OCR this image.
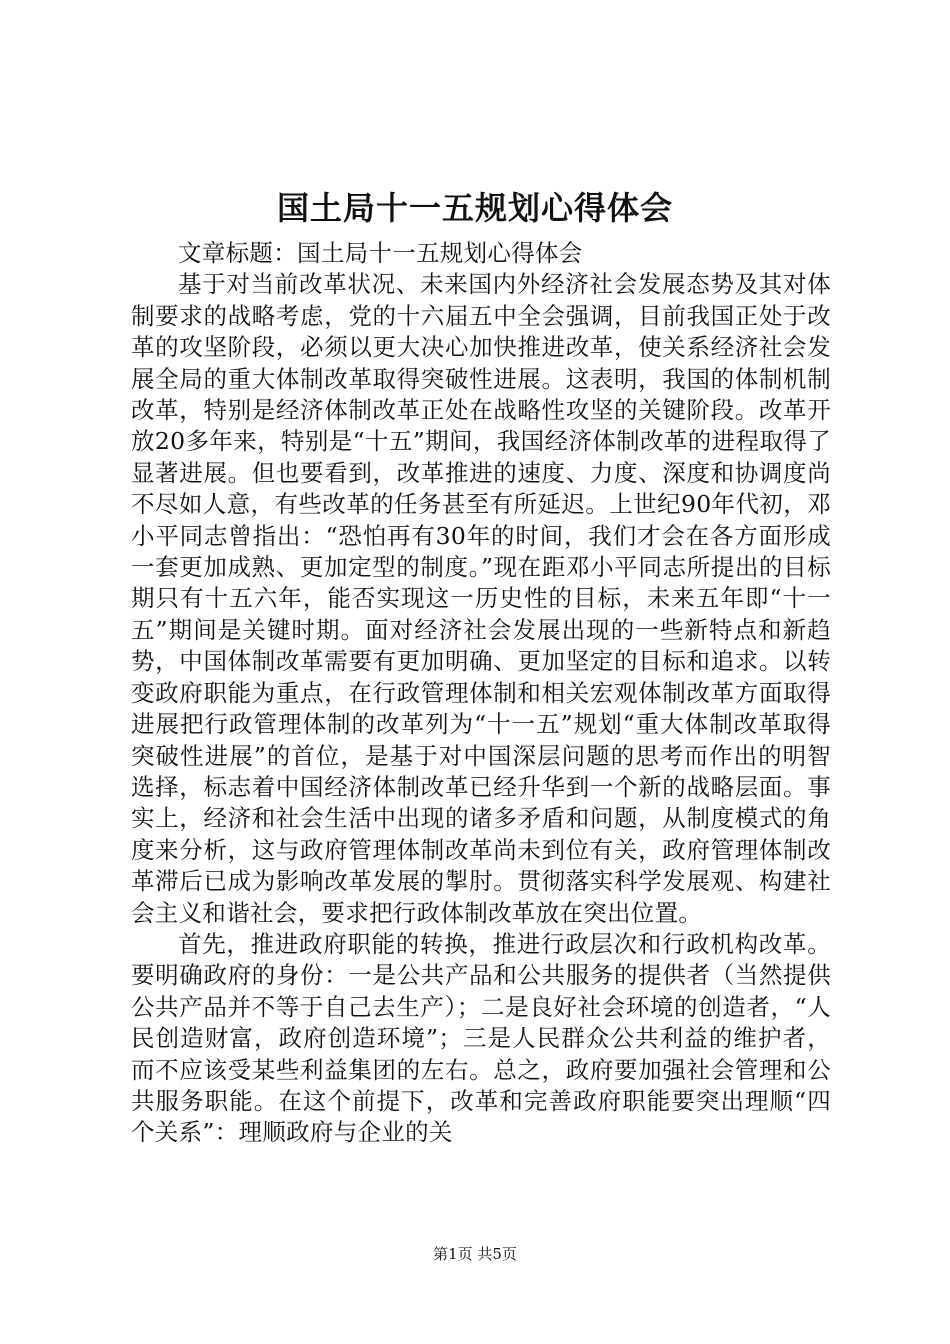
国土局十一五规划心得体会

文章标题：国土局十一五规划心得体会

基于对当前改革状况、未来国内外经济社会发展态势及其对体制要求的战略考虑，党的十六届五中全会强调，目前我国正处于改革的攻坚阶段，必须以更大决心加快推进改革，使关系经济社会发展全局的重大体制改革取得突破性进展。这表明，我国的体制机制改革，特别是经济体制改革正处在战略性攻坚的关键阶段。改革开放20多年来，特别是“十五”期间，我国经济体制改革的进程取得了显著进展。但也要看到，改革推进的速度、力度、深度和协调度尚不尽如人意，有些改革的任务甚至有所延迟。上世纪90年代初，邓小平同志曾指出：“恐怕再有30年的时间，我们才会在各方面形成一套更加成熟、更加定型的制度。”现在距邓小平同志所提出的目标期只有十五六年，能否实现这一历史性的目标，未来五年即“十一五”期间是关键时期。面对经济社会发展出现的一些新特点和新趋势，中国体制改革需要有更加明确、更加坚定的目标和追求。以转变政府职能为重点，在行政管理体制和相关宏观体制改革方面取得进展把行政管理体制的改革列为“十一五”规划“重大体制改革取得突破性进展”的首位，是基于对中国深层问题的思考而作出的明智选择，标志着中国经济体制改革已经升华到一个新的战略层面。事实上，经济和社会生活中出现的诸多矛盾和问题，从制度模式的角度来分析，这与政府管理体制改革尚未到位有关，政府管理体制改革滞后已成为影响改革发展的掣肘。贯彻落实科学发展观、构建社会主义和谐社会，要求把行政体制改革放在突出位置。

首先，推进政府职能的转换，推进行政层次和行政机构改革。要明确政府的身份：一是公共产品和公共服务的提供者（当然提供公共产品并不等于自己去生产）；二是良好社会环境的创造者，“人民创造财富，政府创造环境”；三是人民群众公共利益的维护者，而不应该受某些利益集团的左右。总之，政府要加强社会管理和公共服务职能。在这个前提下，改革和完善政府职能要突出理顺“四个关系”：理顺政府与企业的关

第1页 共5页
